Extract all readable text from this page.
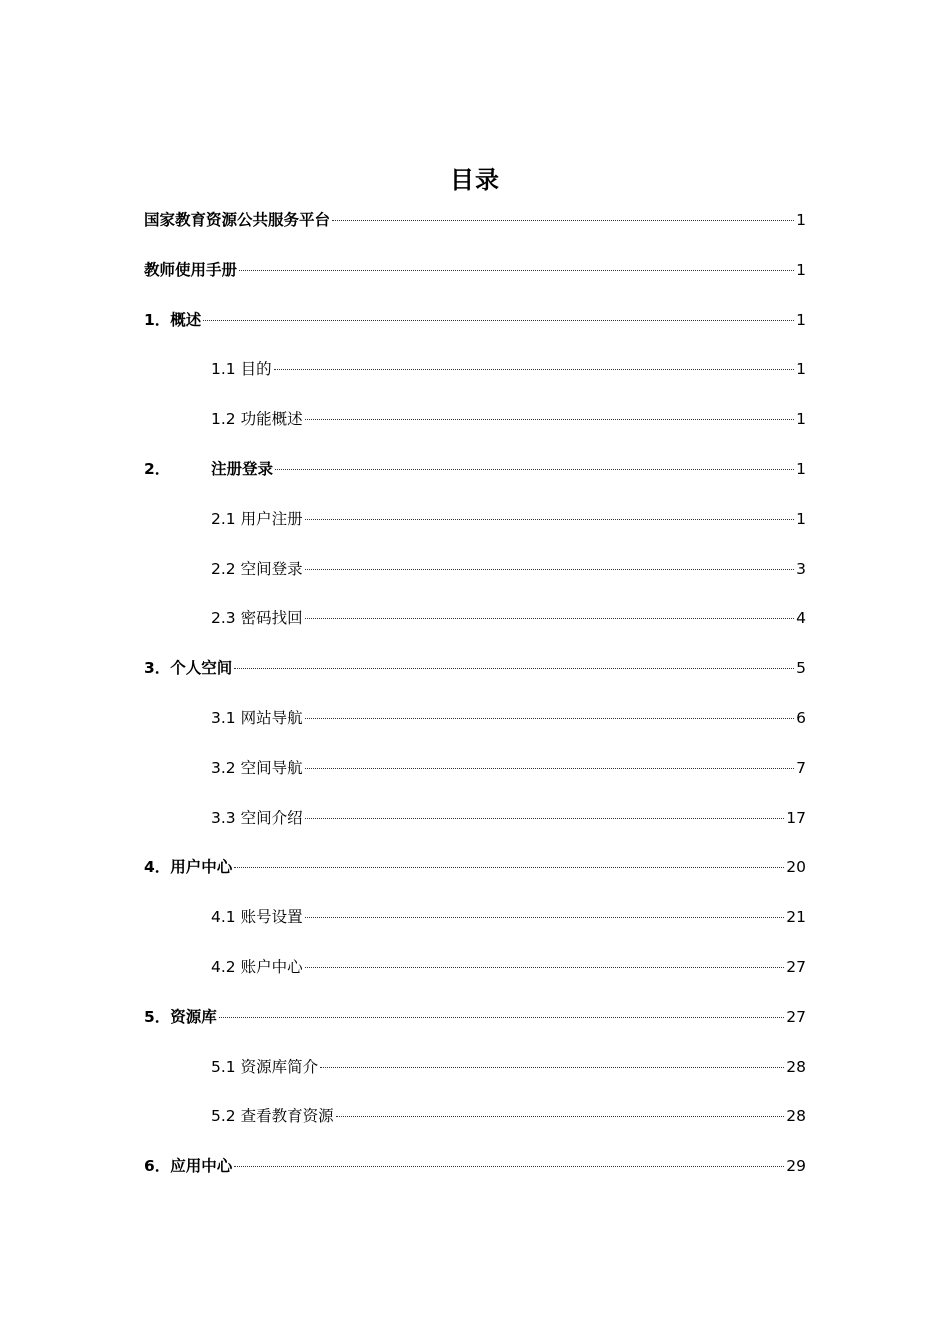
目录
国家教育资源公共服务平台	1
教师使用手册	1
1．概述	1
1.1 目的	1
1.2 功能概述	1
2．	注册登录	1
2.1 用户注册	1
2.2 空间登录	3
2.3 密码找回	4
3．个人空间	5
3.1 网站导航	6
3.2 空间导航	7
3.3 空间介绍	17
4．用户中心	20
4.1 账号设置	21
4.2 账户中心	27
5．资源库	27
5.1 资源库简介	28
5.2 查看教育资源	28
6．应用中心	29
